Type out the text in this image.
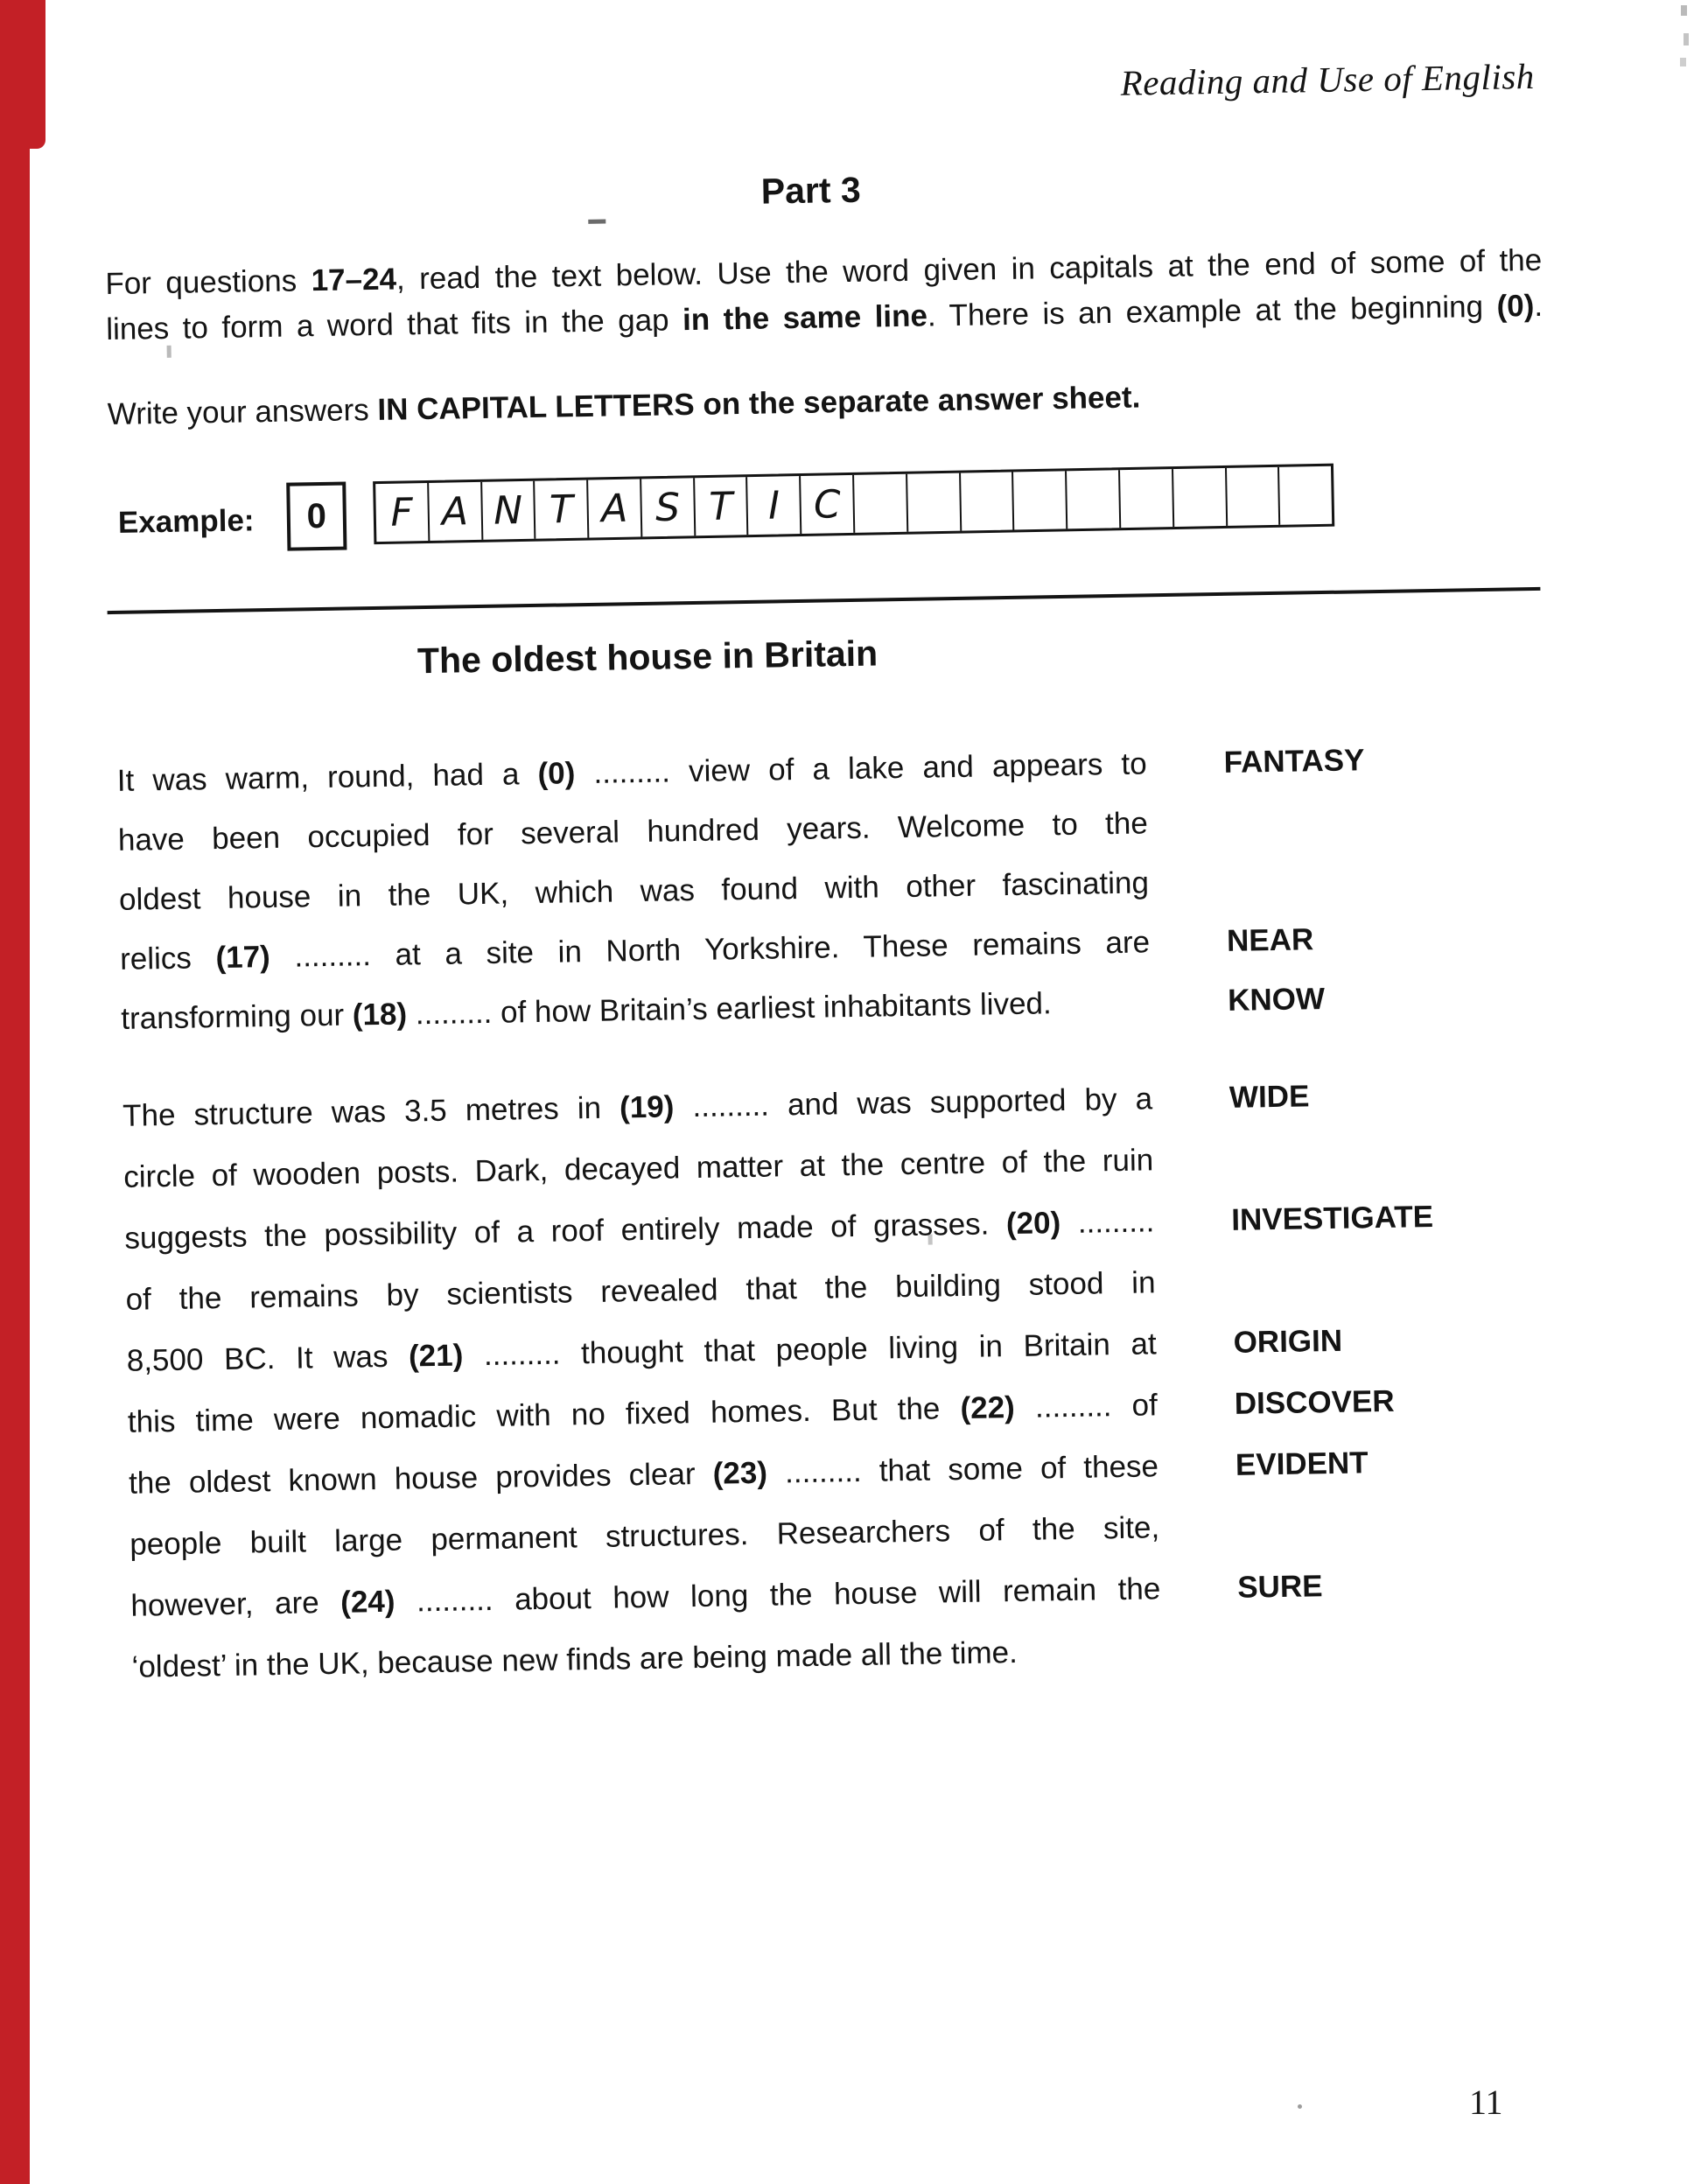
Reading and Use of English
Part 3
For questions 17–24, read the text below. Use the word given in capitals at the end of some of the
lines to form a word that fits in the gap in the same line. There is an example at the beginning (0).
Write your answers IN CAPITAL LETTERS on the separate answer sheet.
Example: 0	F A N T A S T I C
The oldest house in Britain
It was warm, round, had a (0) ......... view of a lake and appears to FANTASY
have been occupied for several hundred years. Welcome to the
oldest house in the UK, which was found with other fascinating
relics (17) ......... at a site in North Yorkshire. These remains are NEAR
transforming our (18) ......... of how Britain’s earliest inhabitants lived.	KNOW
The structure was 3.5 metres in (19) ......... and was supported by a WIDE
circle of wooden posts. Dark, decayed matter at the centre of the ruin
suggests the possibility of a roof entirely made of grasses. (20) ......... INVESTIGATE
of the remains by scientists revealed that the building stood in
8,500 BC. It was (21) ......... thought that people living in Britain at ORIGIN
this time were nomadic with no fixed homes. But the (22) ......... of DISCOVER
the oldest known house provides clear (23) ......... that some of these EVIDENT
people built large permanent structures. Researchers of the site,
however, are (24) ......... about how long the house will remain the SURE
‘oldest’ in the UK, because new finds are being made all the time.
11
